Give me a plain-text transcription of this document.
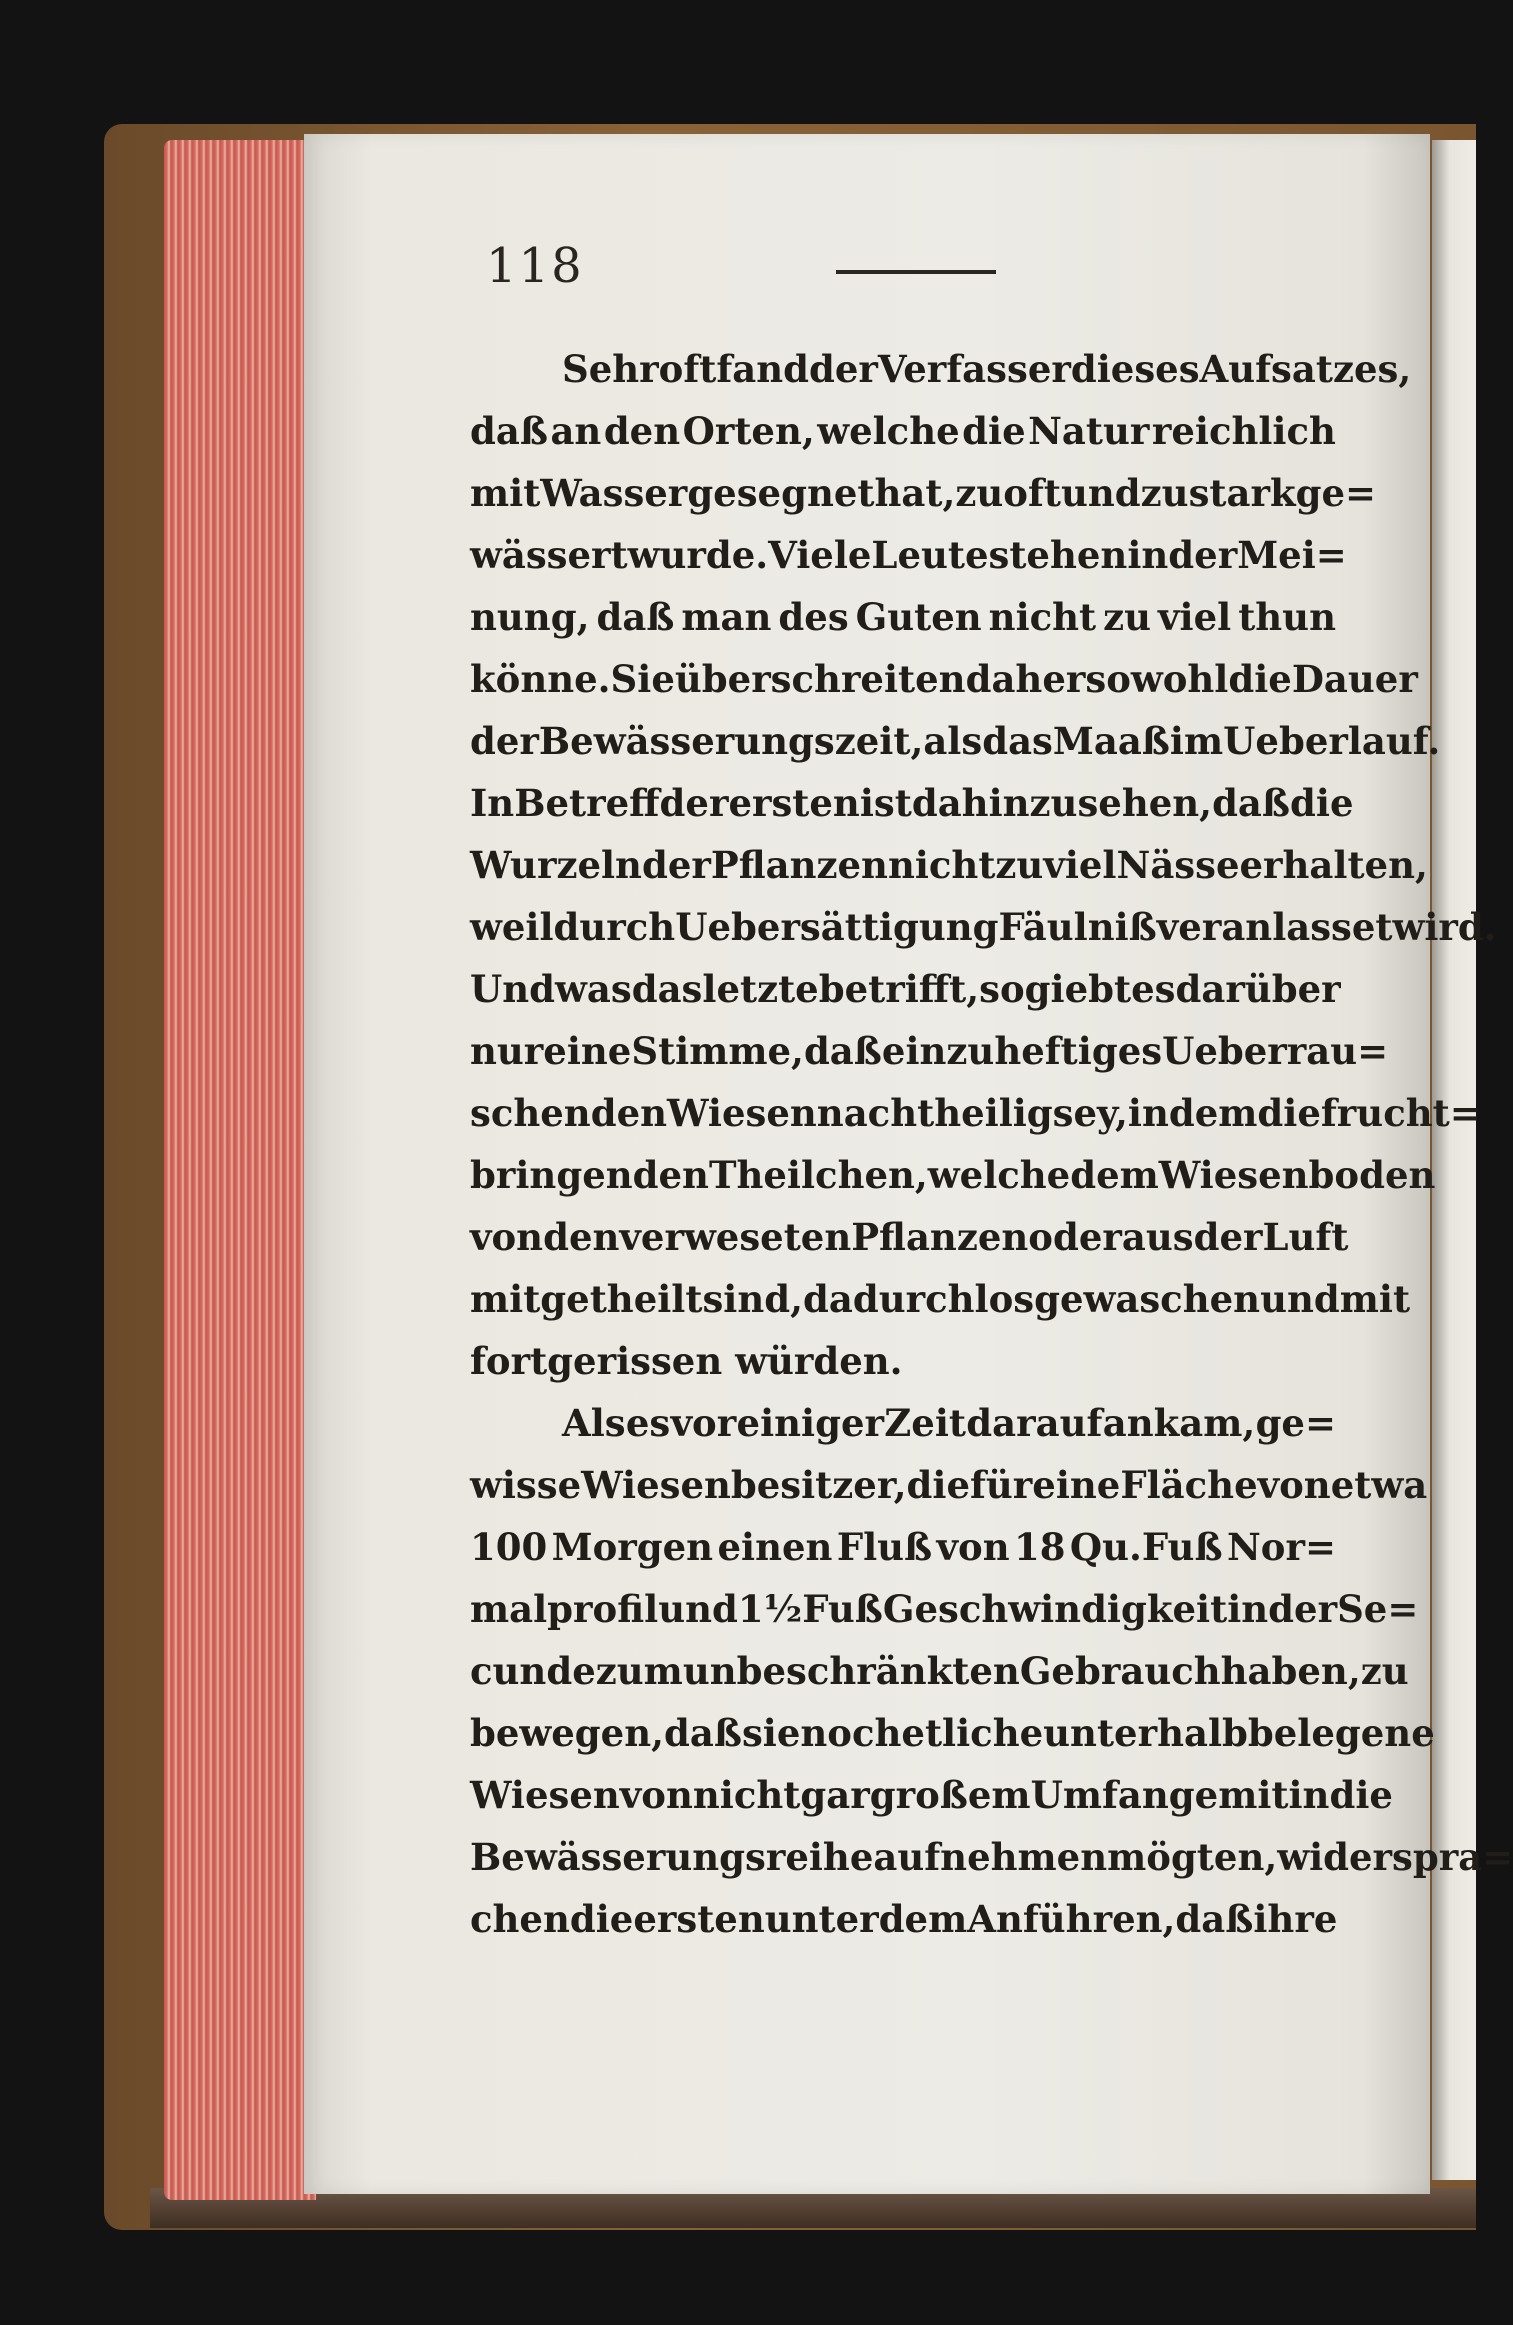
118
Sehr oft fand der Verfasser dieses Aufsatzes,
daß an den Orten, welche die Natur reichlich
mit Wasser gesegnet hat, zu oft und zu stark ge=
wässert wurde. Viele Leute stehen in der Mei=
nung, daß man des Guten nicht zu viel thun
könne. Sie überschreiten daher sowohl die Dauer
der Bewässerungszeit, als das Maaß im Ueberlauf.
In Betreff der ersten ist dahin zu sehen, daß die
Wurzeln der Pflanzen nicht zuviel Nässe erhalten,
weil durch Uebersättigung Fäulniß veranlasset wird.
Und was das letzte betrifft, so giebt es darüber
nur eine Stimme, daß ein zu heftiges Ueberrau=
schen den Wiesen nachtheilig sey, indem die frucht=
bringenden Theilchen, welche dem Wiesenboden
von den verweseten Pflanzen oder aus der Luft
mitgetheilt sind, dadurch losgewaschen und mit
fortgerissen würden.
Als es vor einiger Zeit darauf ankam, ge=
wisse Wiesenbesitzer, die für eine Fläche von etwa
100 Morgen einen Fluß von 18 Qu.Fuß Nor=
malprofil und 1½ Fuß Geschwindigkeit in der Se=
cunde zum unbeschränkten Gebrauch haben, zu
bewegen, daß sie noch etliche unterhalb belegene
Wiesen von nicht gar großem Umfange mit in die
Bewässerungsreihe aufnehmen mögten, widerspra=
chen die ersten unter dem Anführen, daß ihre
